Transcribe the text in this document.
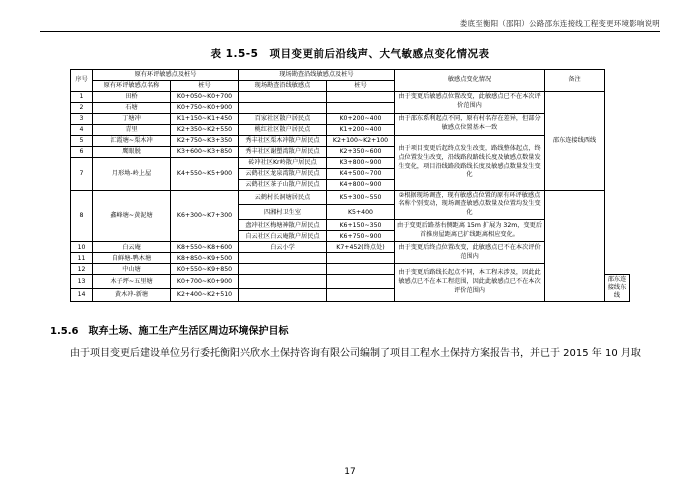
娄底至衡阳（邵阳）公路邵东连接线工程变更环境影响说明
表 1.5-5　项目变更前后沿线声、大气敏感点变化情况表
序号	原有环评敏感点及桩号		现场勘查沿线敏感点及桩号		敏感点变化情况	备注	
	原有环评敏感点名称	桩号	现场勘查沿线敏感点	桩号			
1	田桥	K0+050~K0+700			由于变更后敏感点位置改变，此敏感点已不在本次评价范围内	邵东连接线西线	
2	石塘	K0+750~K0+900					
3	丁塘冲	K1+150~K1+450	百家社区散户居民点	K0+200~400	由于邵东系利起点不同，原有村名存在差异，但部分敏感点位置基本一致		
4	青里	K2+350~K2+550	桃红社区散户居民点	K1+200~400			
5	汇霞塘~栗木冲	K2+750~K3+350	秀丰社区栗木冲散户居民点	K2+100~K2+100	由于项目变更后起终点发生改变，路线整体起点，终点位置发生改变，沿线路段路线长度及敏感点数量发生变化，项目沿线路段路线长度及敏感点数量发生变化		
6	鹰眼脱	K3+600~K3+850	秀丰社区谢塑湾散户居民点	K2+350~600			
7	月形坳-岭上屋	K4+550~K5+900	砖冲社区Kr岭散户居民点	K3+800~900			
			云鹤社区龙泉湾散户居民点	K4+500~700			
			云鹤社区茶子山散户居民点	K4+800~900			
8	鑫峰塘~黄泥塘	K6+300~K7+300	云鹤村长洞塘居民点	K5+300~550	②根据现场调查，现有敏感点位置的原有环评敏感点名称个别变动，现场调查敏感点数量及位置均发生变化		
			四湘村卫生室	K5+400			
			盘冲社区梅塘神散户居民点	K6+150~350	由于变更后路基右侧距离 15m 扩展为 32m，变更后首推房屋距离已扩线距离相应变化。		
			自云社区白云庵散户居民点	K6+750~900			
10	白云庵	K8+550~K8+600	白云小学	K7+452(终点处)	由于变更后终点位置改变，此敏感点已不在本次评价范围内		
11	自鲜塘-鸭木塘	K8+850~K9+500					
12	中山塘	K0+550~K9+850			由于变更后路线长起点不同，本工程未涉及，因此此敏感点已不在本工程范围，因此此敏感点已不在本次评价范围内		
13	木子坪~五里塘	K0+700~K0+900					邵东连接线东线
14	黄木冲-新塘	K2+400~K2+510					
1.5.6　取弃土场、施工生产生活区周边环境保护目标
由于项目变更后建设单位另行委托衡阳兴欣水土保持咨询有限公司编制了项目工程水土保持方案报告书，并已于 2015 年 10 月取
17
